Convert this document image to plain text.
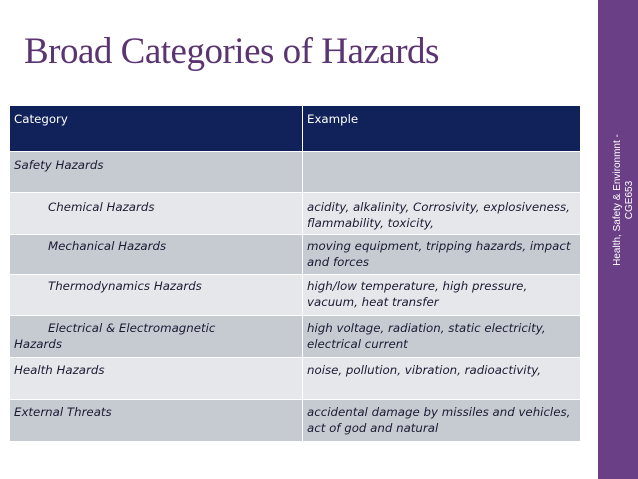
Broad Categories of Hazards
Health, Safety & Environmnt - CGE653
Category	Example
Safety Hazards	
Chemical Hazards	acidity, alkalinity, Corrosivity, explosiveness, flammability, toxicity,

Mechanical Hazards	moving equipment, tripping hazards, impact and forces
Thermodynamics Hazards	high/low temperature, high pressure, vacuum, heat transfer

Electrical & Electromagnetic
Hazards	high voltage, radiation, static electricity, electrical current
Health Hazards	noise, pollution, vibration, radioactivity,
External Threats	accidental damage by missiles and vehicles, act of god and natural
